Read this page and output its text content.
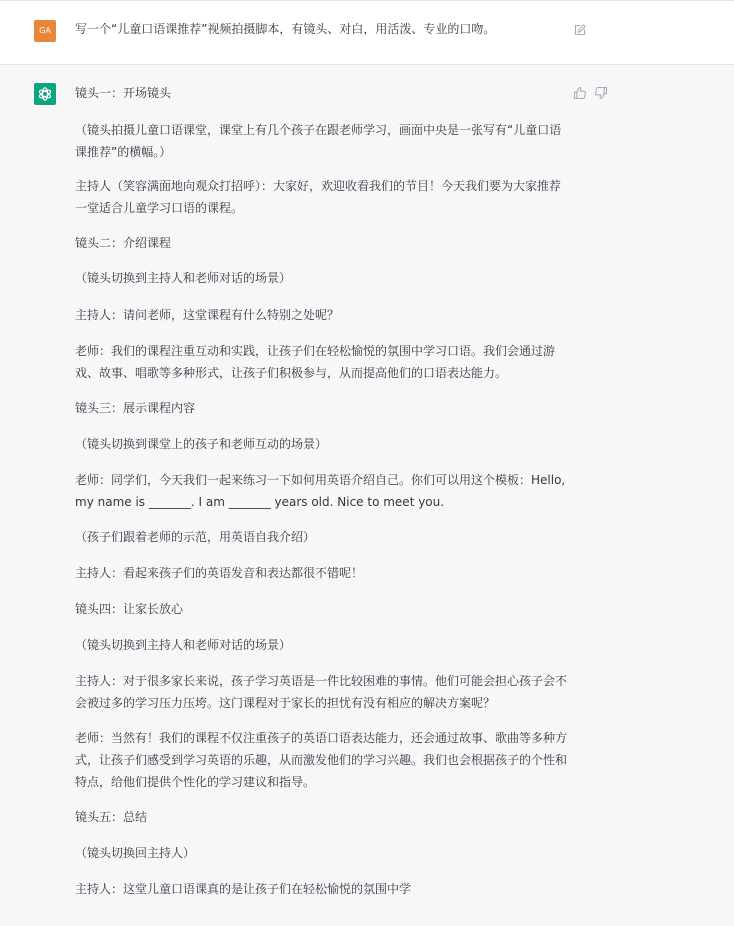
GA	写一个“儿童口语课推荐”视频拍摄脚本，有镜头、对白，用活泼、专业的口吻。

镜头一：开场镜头

（镜头拍摄儿童口语课堂，课堂上有几个孩子在跟老师学习，画面中央是一张写有“儿童口语课推荐”的横幅。）

主持人（笑容满面地向观众打招呼）：大家好，欢迎收看我们的节目！今天我们要为大家推荐一堂适合儿童学习口语的课程。

镜头二：介绍课程

（镜头切换到主持人和老师对话的场景）

主持人：请问老师，这堂课程有什么特别之处呢？

老师：我们的课程注重互动和实践，让孩子们在轻松愉悦的氛围中学习口语。我们会通过游戏、故事、唱歌等多种形式，让孩子们积极参与，从而提高他们的口语表达能力。

镜头三：展示课程内容

（镜头切换到课堂上的孩子和老师互动的场景）

老师：同学们，今天我们一起来练习一下如何用英语介绍自己。你们可以用这个模板：Hello, my name is _______. I am _______ years old. Nice to meet you.

（孩子们跟着老师的示范，用英语自我介绍）

主持人：看起来孩子们的英语发音和表达都很不错呢！

镜头四：让家长放心

（镜头切换到主持人和老师对话的场景）

主持人：对于很多家长来说，孩子学习英语是一件比较困难的事情。他们可能会担心孩子会不会被过多的学习压力压垮。这门课程对于家长的担忧有没有相应的解决方案呢？

老师：当然有！我们的课程不仅注重孩子的英语口语表达能力，还会通过故事、歌曲等多种方式，让孩子们感受到学习英语的乐趣，从而激发他们的学习兴趣。我们也会根据孩子的个性和特点，给他们提供个性化的学习建议和指导。

镜头五：总结

（镜头切换回主持人）

主持人：这堂儿童口语课真的是让孩子们在轻松愉悦的氛围中学
